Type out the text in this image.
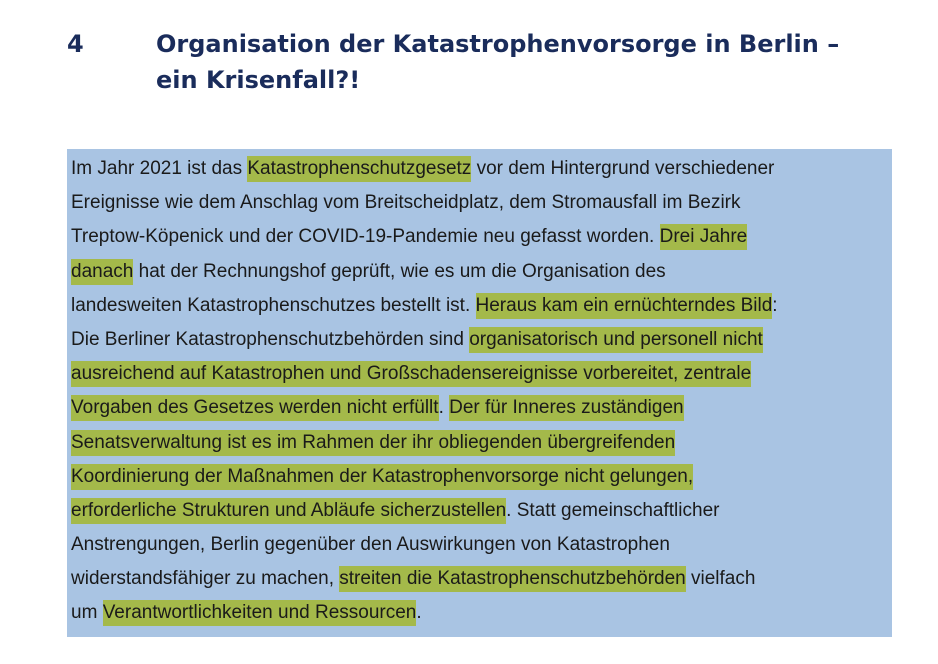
4	Organisation der Katastrophenvorsorge in Berlin – ein Krisenfall?!

Im Jahr 2021 ist das Katastrophenschutzgesetz vor dem Hintergrund verschiedener
Ereignisse wie dem Anschlag vom Breitscheidplatz, dem Stromausfall im Bezirk
Treptow-Köpenick und der COVID-19-Pandemie neu gefasst worden. Drei Jahre
danach hat der Rechnungshof geprüft, wie es um die Organisation des
landesweiten Katastrophenschutzes bestellt ist. Heraus kam ein ernüchterndes Bild:
Die Berliner Katastrophenschutzbehörden sind organisatorisch und personell nicht
ausreichend auf Katastrophen und Großschadensereignisse vorbereitet, zentrale
Vorgaben des Gesetzes werden nicht erfüllt. Der für Inneres zuständigen
Senatsverwaltung ist es im Rahmen der ihr obliegenden übergreifenden
Koordinierung der Maßnahmen der Katastrophenvorsorge nicht gelungen,
erforderliche Strukturen und Abläufe sicherzustellen. Statt gemeinschaftlicher
Anstrengungen, Berlin gegenüber den Auswirkungen von Katastrophen
widerstandsfähiger zu machen, streiten die Katastrophenschutzbehörden vielfach
um Verantwortlichkeiten und Ressourcen.
